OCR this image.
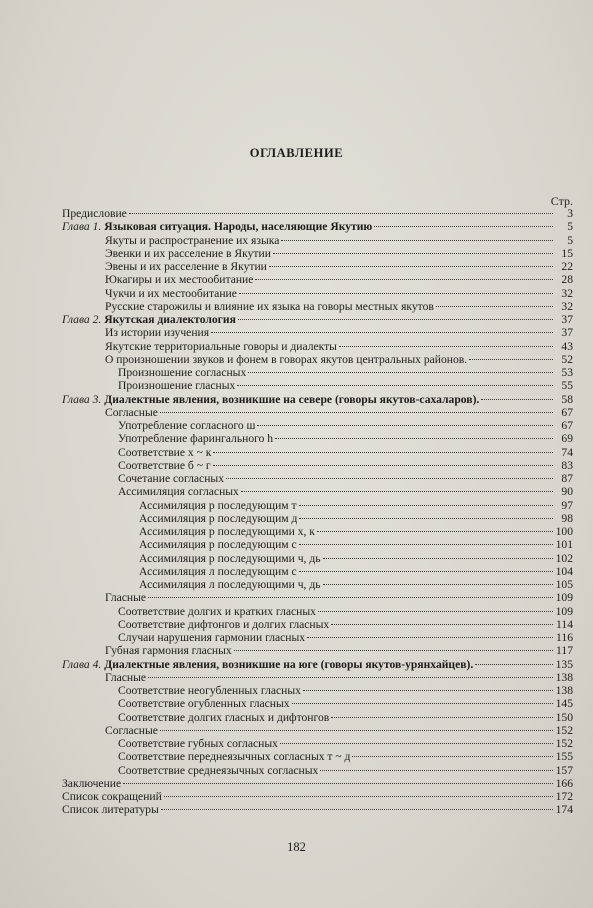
ОГЛАВЛЕНИЕ
Стр.
Предисловие	3
Глава 1. Языковая ситуация. Народы, населяющие Якутию	5
Якуты и распространение их языка	5
Эвенки и их расселение в Якутии	15
Эвены и их расселение в Якутии	22
Юкагиры и их местообитание	28
Чукчи и их местообитание	32
Русские старожилы и влияние их языка на говоры местных якутов	32
Глава 2. Якутская диалектология	37
Из истории изучения	37
Якутские территориальные говоры и диалекты	43
О произношении звуков и фонем в говорах якутов центральных районов.	52
Произношение согласных	53
Произношение гласных	55
Глава 3. Диалектные явления, возникшие на севере (говоры якутов-сахаларов).	58
Согласные	67
Употребление согласного ш	67
Употребление фарингального h	69
Соответствие х ~ к	74
Соответствие б ~ г	83
Сочетание согласных	87
Ассимиляция согласных	90
Ассимиляция р последующим т	97
Ассимиляция р последующим д	98
Ассимиляция р последующими х, к	100
Ассимиляция р последующим с	101
Ассимиляция р последующими ч, дь	102
Ассимиляция л последующим с	104
Ассимиляция л последующими ч, дь	105
Гласные	109
Соответствие долгих и кратких гласных	109
Соответствие дифтонгов и долгих гласных	114
Случаи нарушения гармонии гласных	116
Губная гармония гласных	117
Глава 4. Диалектные явления, возникшие на юге (говоры якутов-урянхайцев).	135
Гласные	138
Соответствие неогубленных гласных	138
Соответствие огубленных гласных	145
Соответствие долгих гласных и дифтонгов	150
Согласные	152
Соответствие губных согласных	152
Соответствие переднеязычных согласных т ~ д	155
Соответствие среднеязычных согласных	157
Заключение	166
Список сокращений	172
Список литературы	174
182
